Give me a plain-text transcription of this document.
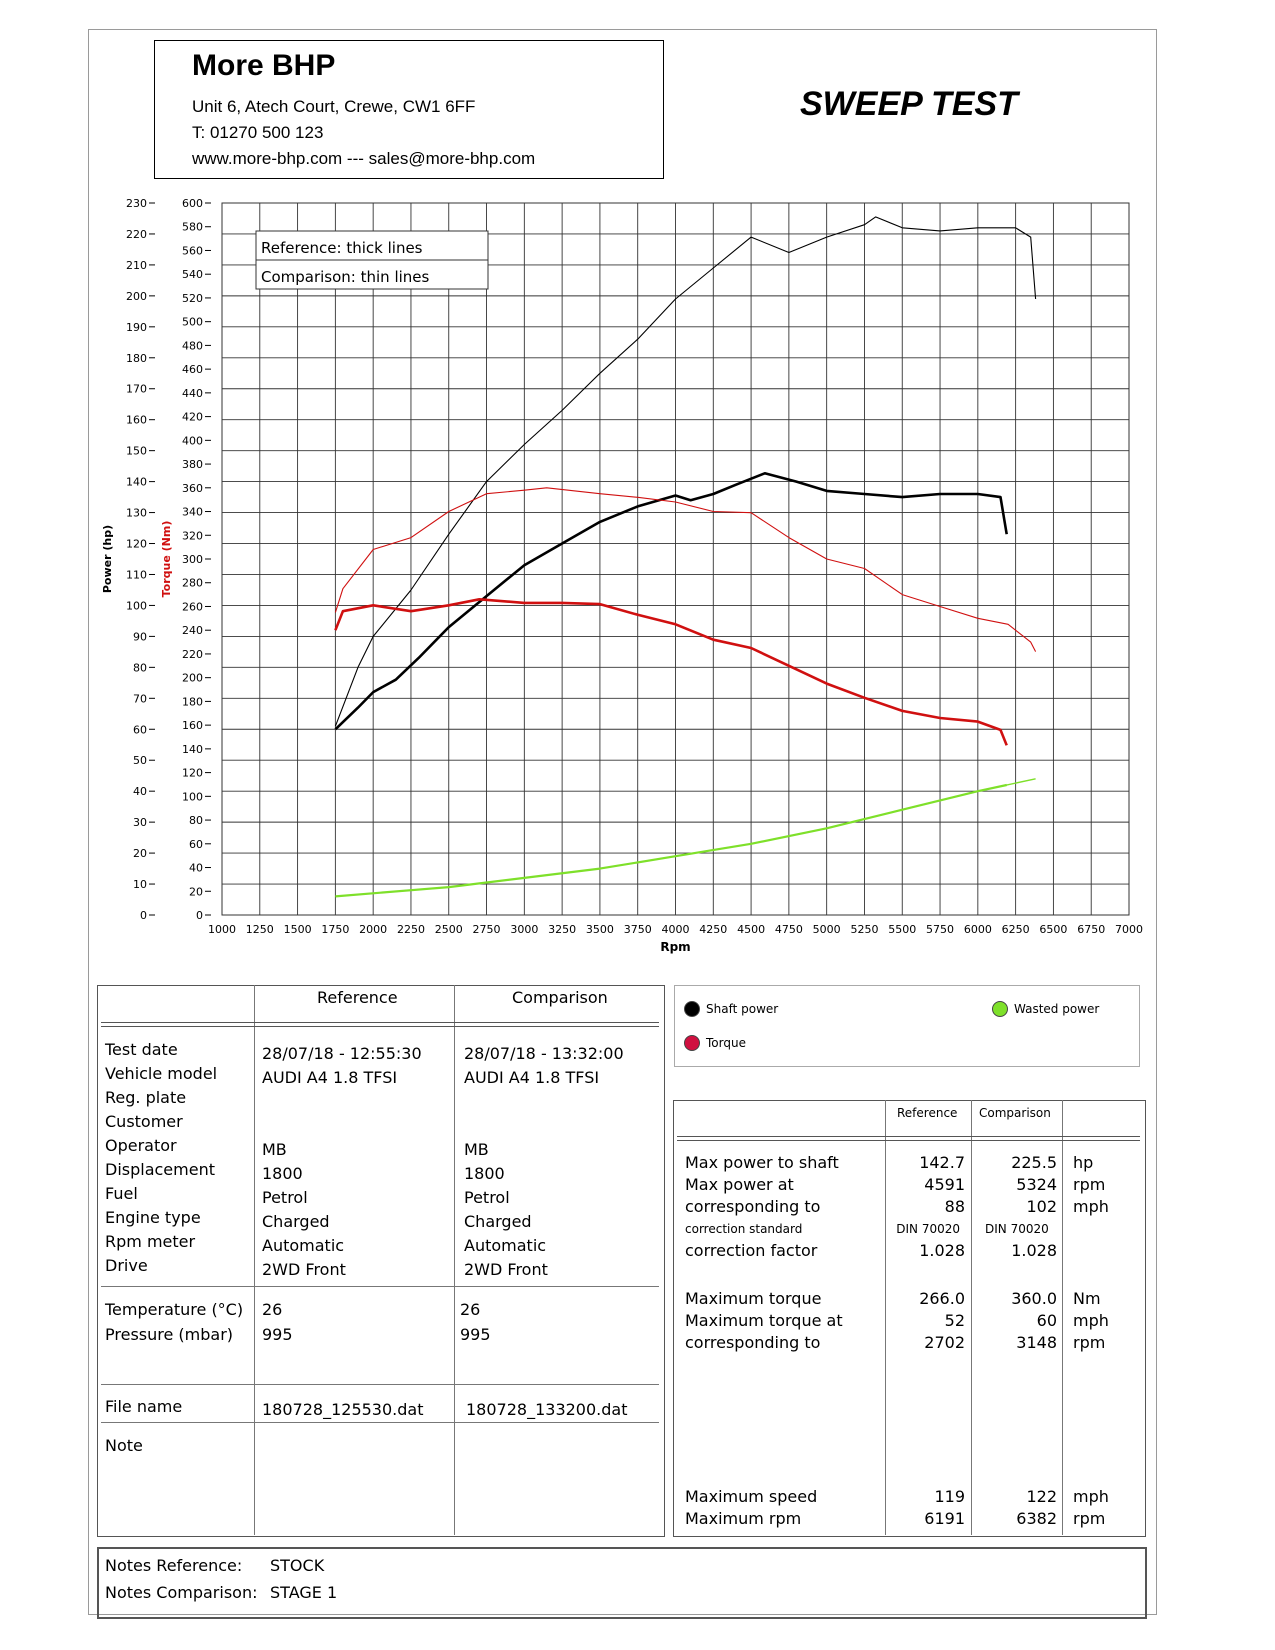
More BHP
Unit 6, Atech Court, Crewe, CW1 6FF
T: 01270 500 123
www.more-bhp.com --- sales@more-bhp.com
SWEEP TEST
1000 1250 1500 1750 2000 2250 2500 2750 3000 3250 3500 3750 4000 4250 4500 4750 5000 5250 5500 5750 6000 6250 6500 6750 7000
0
10
20
30
40
50
60
70
80
90
100
110
120
130
140
150
160
170
180
190
200
210
220
230
0
20
40
60
80
100
120
140
160
180
200
220
240
260
280
300
320
340
360
380
400
420
440
460
480
500
520
540
560
580
600
Rpm
Power (hp)	Torque (Nm)
Reference: thick lines
Comparison: thin lines
Reference	Comparison
Shaft power
Torque
Wasted power
Reference Comparison
Notes Reference: STOCK
Notes Comparison: STAGE 1
Test date	28/07/18 - 12:55:30	28/07/18 - 13:32:00
Vehicle model	AUDI A4 1.8 TFSI	AUDI A4 1.8 TFSI
Reg. plate
Customer
Operator	MB	MB
Displacement	1800	1800
Fuel	Petrol	Petrol
Engine type	Charged	Charged
Rpm meter	Automatic	Automatic
Drive	2WD Front	2WD Front
Temperature (°C) 26	26
Pressure (mbar) 995	995
File name	180728_125530.dat	180728_133200.dat
Note
Max power to shaft	142.7	225.5 hp
Max power at	4591	5324 rpm
corresponding to	88	102 mph
correction standard	DIN 70020 DIN 70020
correction factor	1.028	1.028
Maximum torque	266.0	360.0 Nm
Maximum torque at	52	60 mph
corresponding to	2702	3148 rpm
Maximum speed	119	122 mph
Maximum rpm	6191	6382 rpm
